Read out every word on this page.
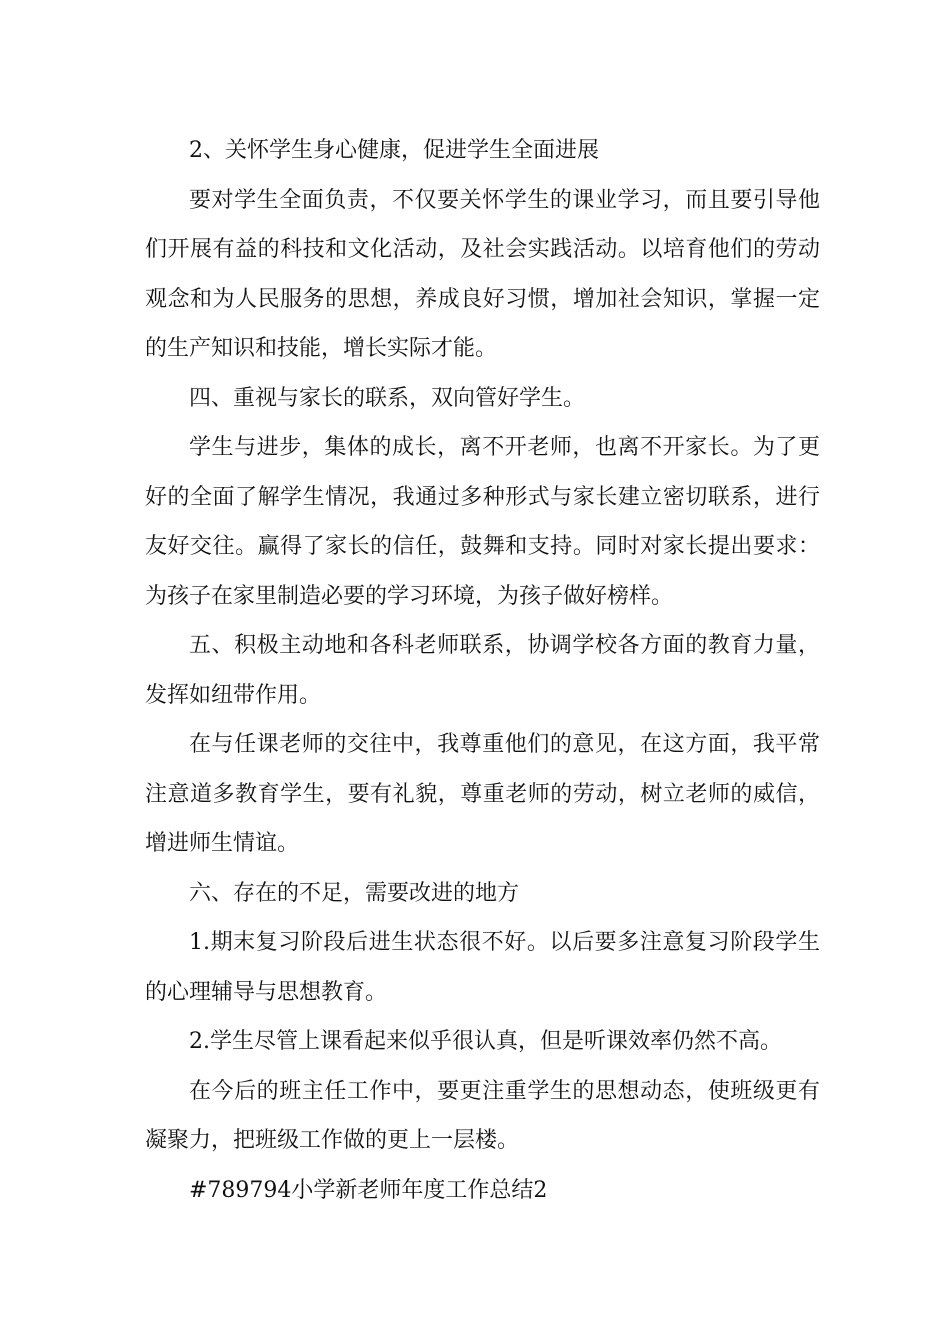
2、关怀学生身心健康，促进学生全面进展

要对学生全面负责，不仅要关怀学生的课业学习，而且要引导他们开展有益的科技和文化活动，及社会实践活动。以培育他们的劳动观念和为人民服务的思想，养成良好习惯，增加社会知识，掌握一定的生产知识和技能，增长实际才能。

四、重视与家长的联系，双向管好学生。

学生与进步，集体的成长，离不开老师，也离不开家长。为了更好的全面了解学生情况，我通过多种形式与家长建立密切联系，进行友好交往。赢得了家长的信任，鼓舞和支持。同时对家长提出要求：为孩子在家里制造必要的学习环境，为孩子做好榜样。

五、积极主动地和各科老师联系，协调学校各方面的教育力量，发挥如纽带作用。

在与任课老师的交往中，我尊重他们的意见，在这方面，我平常注意道多教育学生，要有礼貌，尊重老师的劳动，树立老师的威信，增进师生情谊。

六、存在的不足，需要改进的地方

1.期末复习阶段后进生状态很不好。以后要多注意复习阶段学生的心理辅导与思想教育。

2.学生尽管上课看起来似乎很认真，但是听课效率仍然不高。

在今后的班主任工作中，要更注重学生的思想动态，使班级更有凝聚力，把班级工作做的更上一层楼。

#789794小学新老师年度工作总结2
